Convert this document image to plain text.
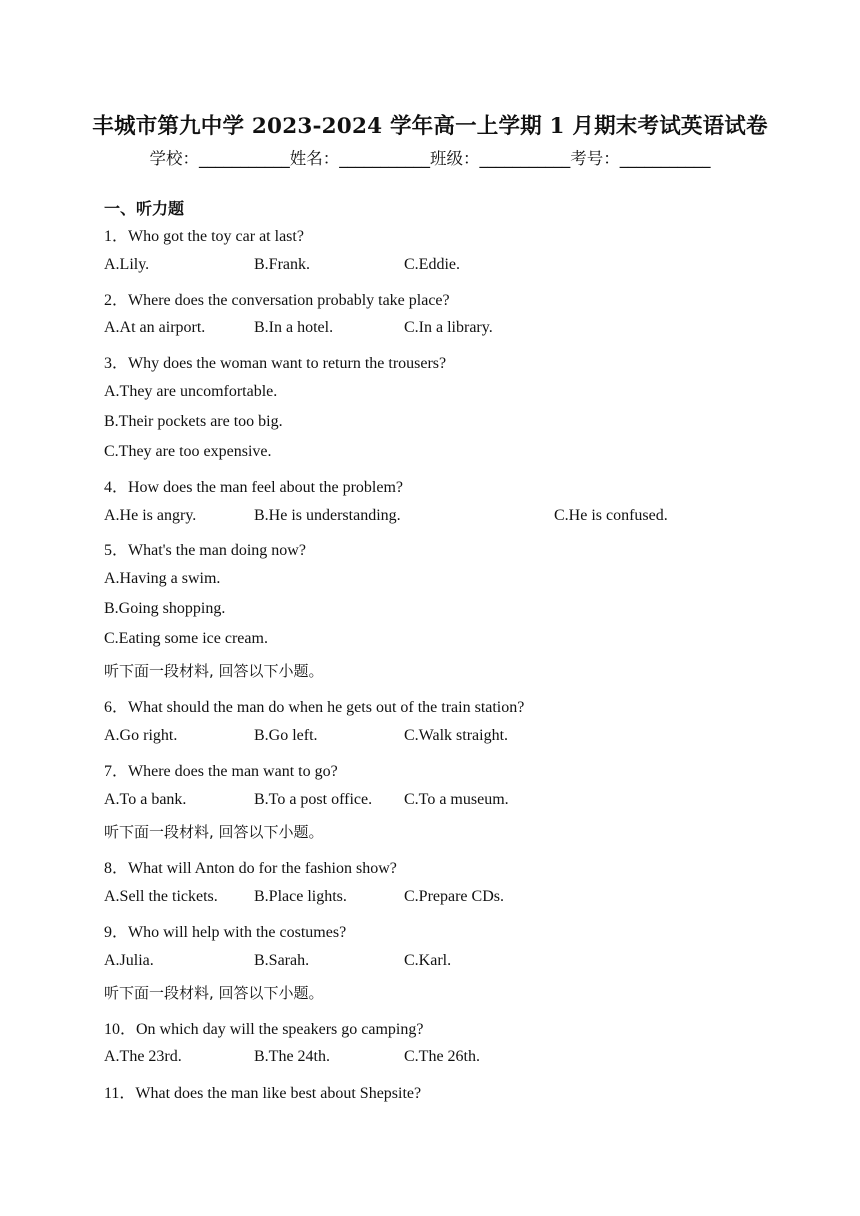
丰城市第九中学 2023-2024 学年高一上学期 1 月期末考试英语试卷
学校：___________姓名：___________班级：___________考号：___________
一、听力题
1．Who got the toy car at last?
A.Lily.	B.Frank.	C.Eddie.
2．Where does the conversation probably take place?
A.At an airport.	B.In a hotel.	C.In a library.
3．Why does the woman want to return the trousers?
A.They are uncomfortable.
B.Their pockets are too big.
C.They are too expensive.
4．How does the man feel about the problem?
A.He is angry.	B.He is understanding.	C.He is confused.
5．What's the man doing now?
A.Having a swim.
B.Going shopping.
C.Eating some ice cream.
听下面一段材料, 回答以下小题。
6．What should the man do when he gets out of the train station?
A.Go right.	B.Go left.	C.Walk straight.
7．Where does the man want to go?
A.To a bank.	B.To a post office. C.To a museum.
听下面一段材料, 回答以下小题。
8．What will Anton do for the fashion show?
A.Sell the tickets. B.Place lights.	C.Prepare CDs.
9．Who will help with the costumes?
A.Julia.	B.Sarah.	C.Karl.
听下面一段材料, 回答以下小题。
10．On which day will the speakers go camping?
A.The 23rd.	B.The 24th.	C.The 26th.
11．What does the man like best about Shepsite?
